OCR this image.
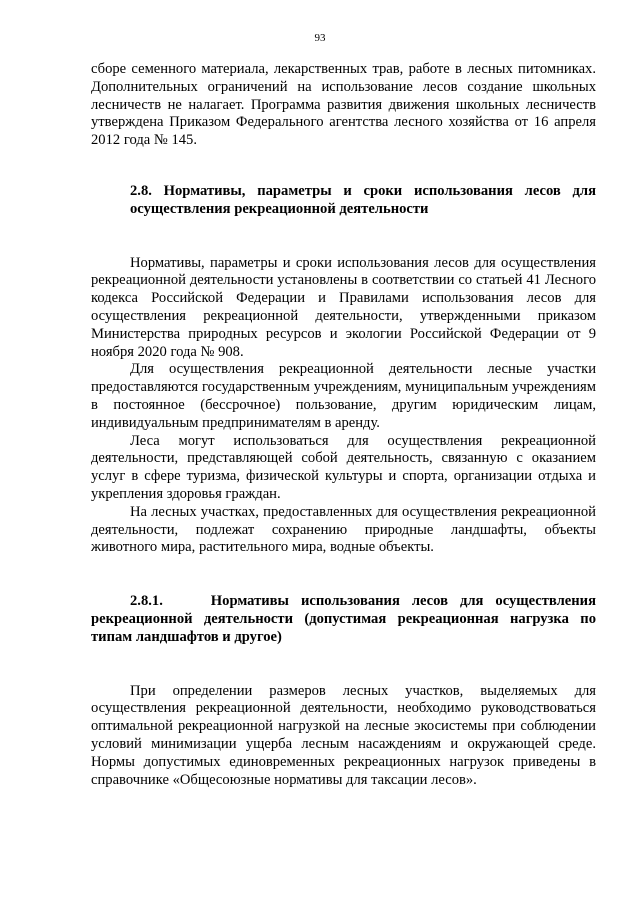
93

сборе семенного материала, лекарственных трав, работе в лесных питомниках. Дополнительных ограничений на использование лесов создание школьных лесничеств не налагает. Программа развития движения школьных лесничеств утверждена Приказом Федерального агентства лесного хозяйства от 16 апреля 2012 года № 145.

2.8. Нормативы, параметры и сроки использования лесов для осуществления рекреационной деятельности

Нормативы, параметры и сроки использования лесов для осуществления рекреационной деятельности установлены в соответствии со статьей 41 Лесного кодекса Российской Федерации и Правилами использования лесов для осуществления рекреационной деятельности, утвержденными приказом Министерства природных ресурсов и экологии Российской Федерации от 9 ноября 2020 года № 908.

Для осуществления рекреационной деятельности лесные участки предоставляются государственным учреждениям, муниципальным учреждениям в постоянное (бессрочное) пользование, другим юридическим лицам, индивидуальным предпринимателям в аренду.

Леса могут использоваться для осуществления рекреационной деятельности, представляющей собой деятельность, связанную с оказанием услуг в сфере туризма, физической культуры и спорта, организации отдыха и укрепления здоровья граждан.

На лесных участках, предоставленных для осуществления рекреационной деятельности, подлежат сохранению природные ландшафты, объекты животного мира, растительного мира, водные объекты.

2.8.1.    Нормативы использования лесов для осуществления рекреационной деятельности (допустимая рекреационная нагрузка по типам ландшафтов и другое)

При определении размеров лесных участков, выделяемых для осуществления рекреационной деятельности, необходимо руководствоваться оптимальной рекреационной нагрузкой на лесные экосистемы при соблюдении условий минимизации ущерба лесным насаждениям и окружающей среде. Нормы допустимых единовременных рекреационных нагрузок приведены в справочнике «Общесоюзные нормативы для таксации лесов».
